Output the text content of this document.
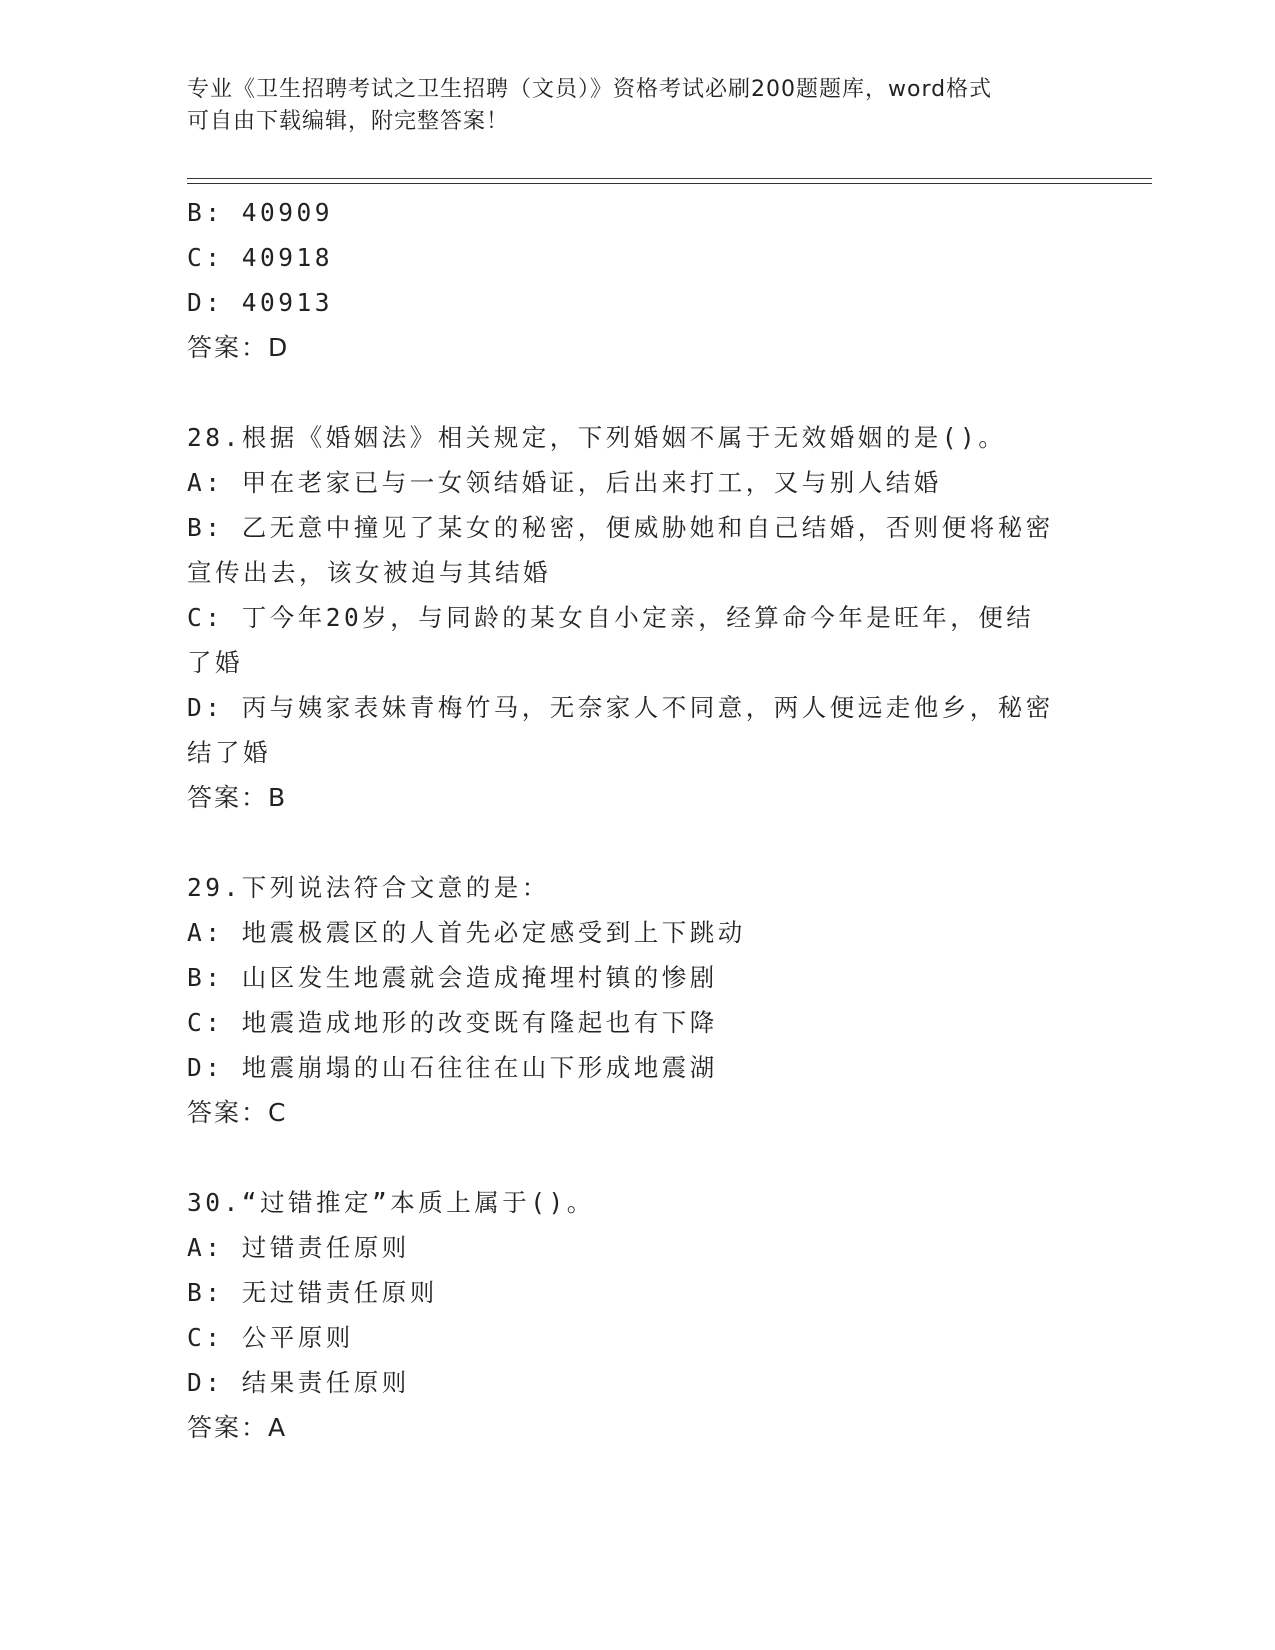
专业《卫生招聘考试之卫生招聘（文员）》资格考试必刷200题题库，word格式
可自由下载编辑，附完整答案！
B: 40909
C: 40918
D: 40913
答案：D
28.根据《婚姻法》相关规定，下列婚姻不属于无效婚姻的是()。
A: 甲在老家已与一女领结婚证，后出来打工，又与别人结婚
B: 乙无意中撞见了某女的秘密，便威胁她和自己结婚，否则便将秘密
宣传出去，该女被迫与其结婚
C: 丁今年20岁，与同龄的某女自小定亲，经算命今年是旺年，便结
了婚
D: 丙与姨家表妹青梅竹马，无奈家人不同意，两人便远走他乡，秘密
结了婚
答案：B
29.下列说法符合文意的是：
A: 地震极震区的人首先必定感受到上下跳动
B: 山区发生地震就会造成掩埋村镇的惨剧
C: 地震造成地形的改变既有隆起也有下降
D: 地震崩塌的山石往往在山下形成地震湖
答案：C
30.“过错推定”本质上属于()。
A: 过错责任原则
B: 无过错责任原则
C: 公平原则
D: 结果责任原则
答案：A
